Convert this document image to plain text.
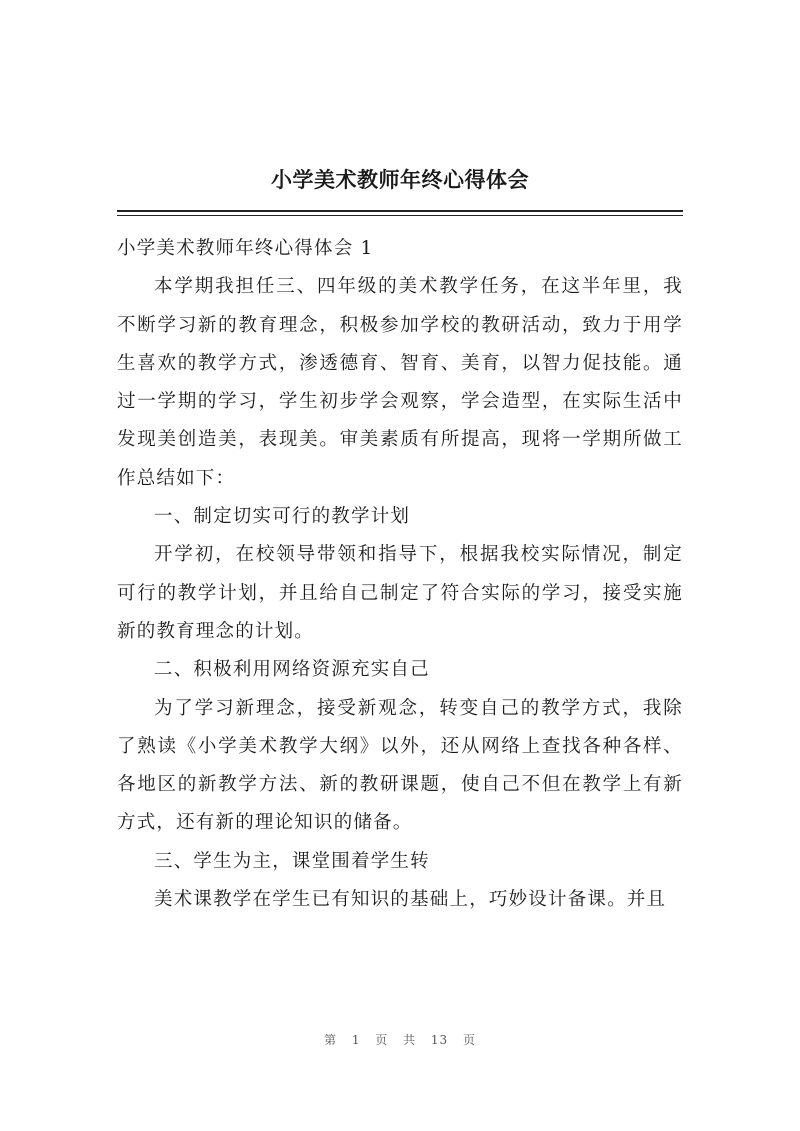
小学美术教师年终心得体会

小学美术教师年终心得体会 1

本学期我担任三、四年级的美术教学任务，在这半年里，我不断学习新的教育理念，积极参加学校的教研活动，致力于用学生喜欢的教学方式，渗透德育、智育、美育，以智力促技能。通过一学期的学习，学生初步学会观察，学会造型，在实际生活中发现美创造美，表现美。审美素质有所提高，现将一学期所做工作总结如下：

一、制定切实可行的教学计划

开学初，在校领导带领和指导下，根据我校实际情况，制定可行的教学计划，并且给自己制定了符合实际的学习，接受实施新的教育理念的计划。

二、积极利用网络资源充实自己

为了学习新理念，接受新观念，转变自己的教学方式，我除了熟读《小学美术教学大纲》以外，还从网络上查找各种各样、各地区的新教学方法、新的教研课题，使自己不但在教学上有新方式，还有新的理论知识的储备。

三、学生为主，课堂围着学生转

美术课教学在学生已有知识的基础上，巧妙设计备课。并且

第 1 页 共 13 页
